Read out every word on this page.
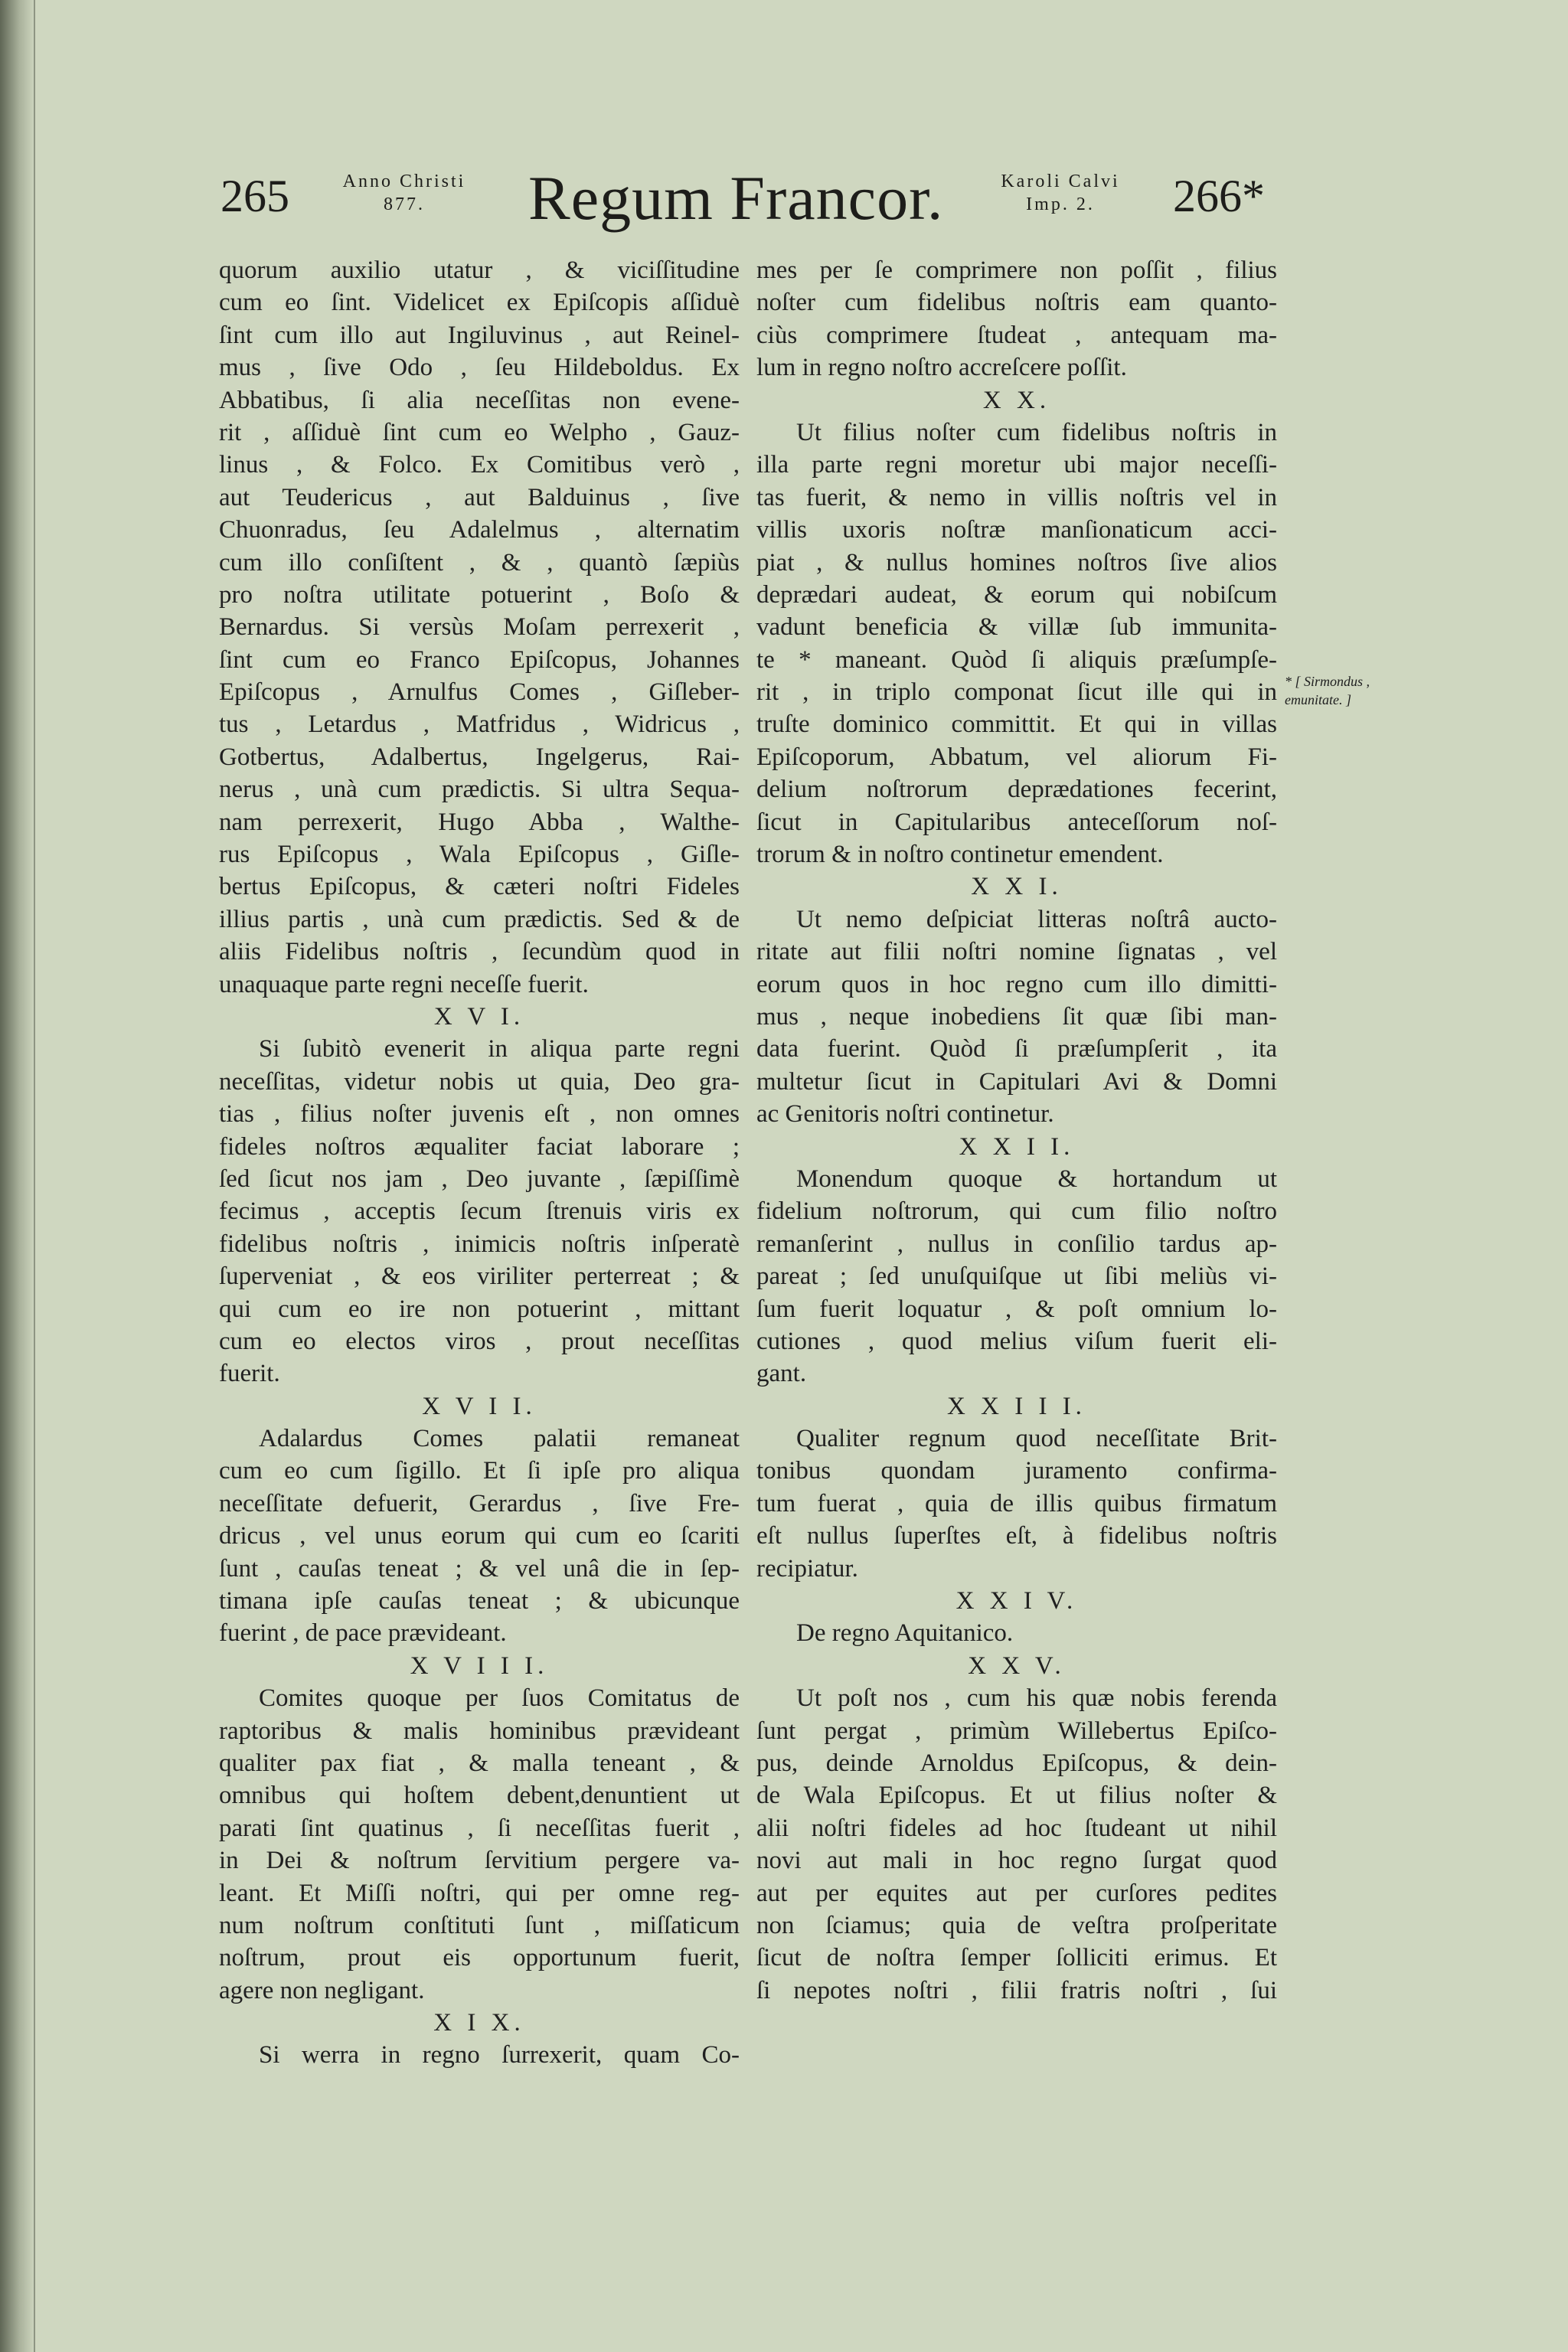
265	Anno Christi
877.	Regum Francor.	Karoli Calvi
Imp. 2.	266*
quorum auxilio utatur , & viciſſitudine
cum eo ſint. Videlicet ex Epiſcopis aſſiduè
ſint cum illo aut Ingiluvinus , aut Reinel-
mus , ſive Odo , ſeu Hildeboldus. Ex
Abbatibus, ſi alia neceſſitas non evene-
rit , aſſiduè ſint cum eo Welpho , Gauz-
linus , & Folco. Ex Comitibus verò ,
aut Teudericus , aut Balduinus , ſive
Chuonradus, ſeu Adalelmus , alternatim
cum illo conſiſtent , & , quantò ſæpiùs
pro noſtra utilitate potuerint , Boſo &
Bernardus. Si versùs Moſam perrexerit ,
ſint cum eo Franco Epiſcopus, Johannes
Epiſcopus , Arnulfus Comes , Giſleber-
tus , Letardus , Matfridus , Widricus ,
Gotbertus, Adalbertus, Ingelgerus, Rai-
nerus , unà cum prædictis. Si ultra Sequa-
nam perrexerit, Hugo Abba , Walthe-
rus Epiſcopus , Wala Epiſcopus , Giſle-
bertus Epiſcopus, & cæteri noſtri Fideles
illius partis , unà cum prædictis. Sed & de
aliis Fidelibus noſtris , ſecundùm quod in
unaquaque parte regni neceſſe fuerit.
X V I.
Si ſubitò evenerit in aliqua parte regni
neceſſitas, videtur nobis ut quia, Deo gra-
tias , filius noſter juvenis eſt , non omnes
fideles noſtros æqualiter faciat laborare ;
ſed ſicut nos jam , Deo juvante , ſæpiſſimè
fecimus , acceptis ſecum ſtrenuis viris ex
fidelibus noſtris , inimicis noſtris inſperatè
ſuperveniat , & eos viriliter perterreat ; &
qui cum eo ire non potuerint , mittant
cum eo electos viros , prout neceſſitas
fuerit.
X V I I.
Adalardus Comes palatii remaneat
cum eo cum ſigillo. Et ſi ipſe pro aliqua
neceſſitate defuerit, Gerardus , ſive Fre-
dricus , vel unus eorum qui cum eo ſcariti
ſunt , cauſas teneat ; & vel unâ die in ſep-
timana ipſe cauſas teneat ; & ubicunque
fuerint , de pace prævideant.
X V I I I.
Comites quoque per ſuos Comitatus de
raptoribus & malis hominibus prævideant
qualiter pax fiat , & malla teneant , &
omnibus qui hoſtem debent,denuntient ut
parati ſint quatinus , ſi neceſſitas fuerit ,
in Dei & noſtrum ſervitium pergere va-
leant. Et Miſſi noſtri, qui per omne reg-
num noſtrum conſtituti ſunt , miſſaticum
noſtrum, prout eis opportunum fuerit,
agere non negligant.
X I X.
Si werra in regno ſurrexerit, quam Co-
mes per ſe comprimere non poſſit , filius
noſter cum fidelibus noſtris eam quanto-
ciùs comprimere ſtudeat , antequam ma-
lum in regno noſtro accreſcere poſſit.
X X.
Ut filius noſter cum fidelibus noſtris in
illa parte regni moretur ubi major neceſſi-
tas fuerit, & nemo in villis noſtris vel in
villis uxoris noſtræ manſionaticum acci-
piat , & nullus homines noſtros ſive alios
deprædari audeat, & eorum qui nobiſcum
vadunt beneficia & villæ ſub immunita-
te * maneant. Quòd ſi aliquis præſumpſe-
rit , in triplo componat ſicut ille qui in
truſte dominico committit. Et qui in villas
Epiſcoporum, Abbatum, vel aliorum Fi-
delium noſtrorum deprædationes fecerint,
ſicut in Capitularibus anteceſſorum noſ-
trorum & in noſtro continetur emendent.
X X I.
Ut nemo deſpiciat litteras noſtrâ aucto-
ritate aut filii noſtri nomine ſignatas , vel
eorum quos in hoc regno cum illo dimitti-
mus , neque inobediens ſit quæ ſibi man-
data fuerint. Quòd ſi præſumpſerit , ita
multetur ſicut in Capitulari Avi & Domni
ac Genitoris noſtri continetur.
X X I I.
Monendum quoque & hortandum ut
fidelium noſtrorum, qui cum filio noſtro
remanſerint , nullus in conſilio tardus ap-
pareat ; ſed unuſquiſque ut ſibi meliùs vi-
ſum fuerit loquatur , & poſt omnium lo-
cutiones , quod melius viſum fuerit eli-
gant.
X X I I I.
Qualiter regnum quod neceſſitate Brit-
tonibus quondam juramento confirma-
tum fuerat , quia de illis quibus firmatum
eſt nullus ſuperſtes eſt, à fidelibus noſtris
recipiatur.
X X I V.
De regno Aquitanico.
X X V.
Ut poſt nos , cum his quæ nobis ferenda
ſunt pergat , primùm Willebertus Epiſco-
pus, deinde Arnoldus Epiſcopus, & dein-
de Wala Epiſcopus. Et ut filius noſter &
alii noſtri fideles ad hoc ſtudeant ut nihil
novi aut mali in hoc regno ſurgat quod
aut per equites aut per curſores pedites
non ſciamus; quia de veſtra proſperitate
ſicut de noſtra ſemper ſolliciti erimus. Et
ſi nepotes noſtri , filii fratris noſtri , ſui
* [ Sirmondus , emunitate. ]
